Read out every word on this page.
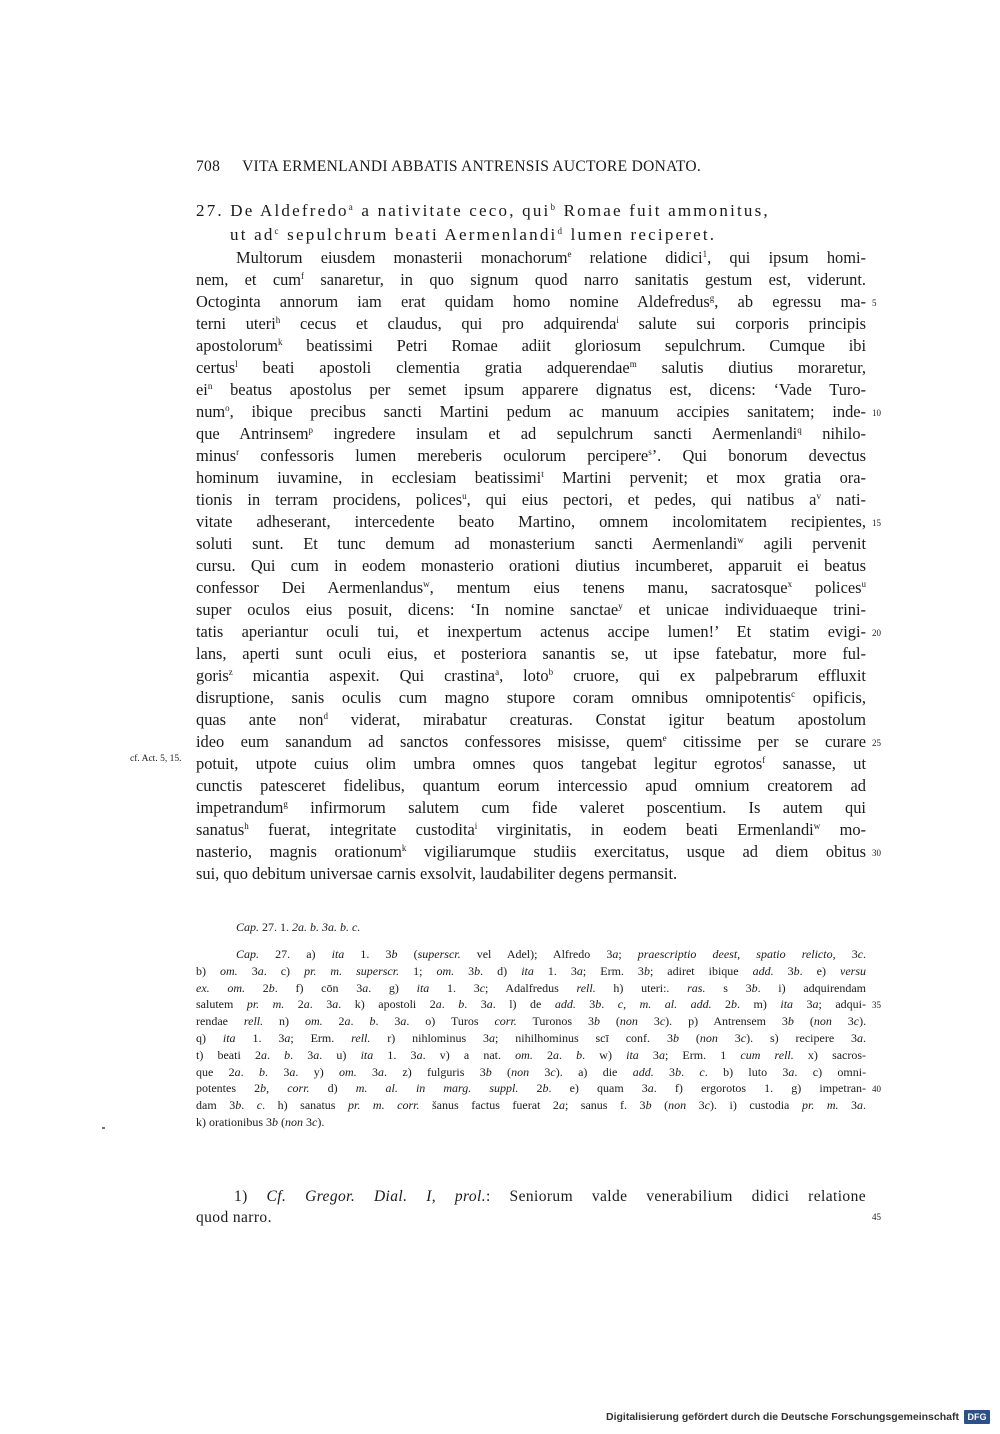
708 VITA ERMENLANDI ABBATIS ANTRENSIS AUCTORE DONATO.
27. De Aldefredo$^a$ a nativitate ceco, qui$^b$ Romae fuit ammonitus,
ut $ad^c$ sepulchrum beati Aermenlandi$^d$ lumen reciperet.
Multorum eiusdem monasterii monachorum$^e$ relatione didici$^1$, qui ipsum homi-
nem, et cum$^f$ sanaretur, in quo signum quod narro sanitatis gestum est, viderunt.
Octoginta annorum iam erat quidam homo nomine Aldefredus$^g$, ab egressu ma-
terni uteri$^h$ cecus et claudus, qui pro adquirenda$^i$ salute sui corporis principis
apostolorum$^k$ beatissimi Petri Romae adiit gloriosum sepulchrum. Cumque ibi
certus$^l$ beati apostoli clementia gratia adquerendae$^m$ salutis diutius moraretur,
$ei^n$ beatus apostolus per semet ipsum apparere dignatus est, dicens: ‘Vade Turo-
num$^o$, ibique precibus sancti Martini pedum ac manuum accipies sanitatem; inde-
que Antrinsem$^p$ ingredere insulam et ad sepulchrum sancti Aermenlandi$^q$ nihilo-
minus$^r$ confessoris lumen mereberis oculorum percipere$^s$’. Qui bonorum devectus
hominum iuvamine, in ecclesiam beatissimi$^t$ Martini pervenit; et mox gratia ora-
tionis in terram procidens, polices$^u$, qui eius pectori, et pedes, qui natibus $a^v$ nati-
vitate adheserant, intercedente beato Martino, omnem incolomitatem recipientes,
soluti sunt. Et tunc demum ad monasterium sancti Aermenlandi$^w$ agili pervenit
cursu. Qui cum in eodem monasterio orationi diutius incumberet, apparuit ei beatus
confessor Dei Aermenlandus$^w$, mentum eius tenens manu, sacratosque$^x$ polices$^u$
super oculos eius posuit, dicens: ‘In nomine sanctae$^y$ et unicae individuaeque trini-
tatis aperiantur oculi tui, et inexpertum actenus accipe lumen!’ Et statim evigi-
lans, aperti sunt oculi eius, et posteriora sanantis se, ut ipse fatebatur, more ful-
goris$^z$ micantia aspexit. Qui crastina$^a$, loto$^b$ cruore, qui ex palpebrarum effluxit
disruptione, sanis oculis cum magno stupore coram omnibus omnipotentis$^c$ opificis,
quas ante non$^d$ viderat, mirabatur creaturas. Constat igitur beatum apostolum
ideo eum sanandum ad sanctos confessores misisse, quem$^e$ citissime per se curare
potuit, utpote cuius olim umbra omnes quos tangebat legitur egrotos$^f$ sanasse, ut
cunctis patesceret fidelibus, quantum eorum intercessio apud omnium creatorem ad
impetrandum$^g$ infirmorum salutem cum fide valeret poscentium. Is autem qui
sanatus$^h$ fuerat, integritate custodita$^i$ virginitatis, in eodem beati Ermenlandi$^w$ mo-
nasterio, magnis orationum$^k$ vigiliarumque studiis exercitatus, usque ad diem obitus
sui, quo debitum universae carnis exsolvit, laudabiliter degens permansit.
5
10
15
20
25
30
cf. Act. 5, 15.
Cap. 27. 1. 2a. b. 3a. b. c.
Cap. 27. a) ita 1. 3b (superscr. vel Adel); Alfredo 3a; praescriptio deest, spatio relicto, 3c.
b) om. 3a. c) pr. m. superscr. 1; om. 3b. d) ita 1. 3a; Erm. 3b; adiret ibique add. 3b. e) versu
ex. om. 2b. f) cōn 3a. g) ita 1. 3c; Adalfredus rell. h) uteri:. ras. s 3b. i) adquirendam
salutem pr. m. 2a. 3a. k) apostoli 2a. b. 3a. l) de add. 3b. c, m. al. add. 2b. m) ita 3a; adqui-
rendae rell. n) om. 2a. b. 3a. o) Turos corr. Turonos 3b (non 3c). p) Antrensem 3b (non 3c).
q) ita 1. 3a; Erm. rell. r) nihlominus 3a; nihilhominus scī conf. 3b (non 3c). s) recipere 3a.
t) beati 2a. b. 3a. u) ita 1. 3a. v) a nat. om. 2a. b. w) ita 3a; Erm. 1 cum rell. x) sacros-
que 2a. b. 3a. y) om. 3a. z) fulguris 3b (non 3c). a) die add. 3b. c. b) luto 3a. c) omni-
potentes 2b, corr. d) m. al. in marg. suppl. 2b. e) quam 3a. f) ergorotos 1. g) impetran-
dam 3b. c. h) sanatus pr. m. corr. šanus factus fuerat 2a; sanus f. 3b (non 3c). i) custodia pr. m. 3a.
k) orationibus 3b (non 3c).
35
40
1) Cf. Gregor. Dial. I, prol.: Seniorum valde venerabilium didici relatione
quod narro.	45
Digitalisierung gefördert durch die Deutsche Forschungsgemeinschaft DFG
